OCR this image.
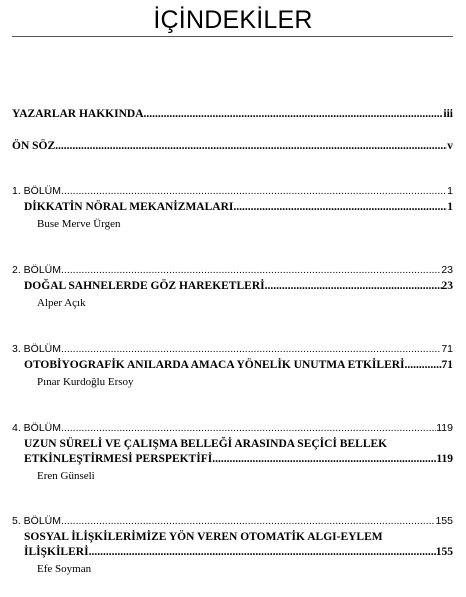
İÇİNDEKİLER
YAZARLAR HAKKINDA .....	iii
ÖN SÖZ .....	v
1. BÖLÜM .....	1
DİKKATİN NÖRAL MEKANİZMALARI .....	1
Buse Merve Ürgen
2. BÖLÜM .....	23
DOĞAL SAHNELERDE GÖZ HAREKETLERİ .....	23
Alper Açık
3. BÖLÜM .....	71
OTOBİYOGRAFİK ANILARDA AMACA YÖNELİK UNUTMA ETKİLERİ .....	71
Pınar Kurdoğlu Ersoy
4. BÖLÜM .....	119
UZUN SÜRELİ VE ÇALIŞMA BELLEĞİ ARASINDA SEÇİCİ BELLEK
ETKİNLEŞTİRMESİ PERSPEKTİFİ .....	119
Eren Günseli
5. BÖLÜM .....	155
SOSYAL İLİŞKİLERİMİZE YÖN VEREN OTOMATİK ALGI-EYLEM
İLİŞKİLERİ .....	155
Efe Soyman
